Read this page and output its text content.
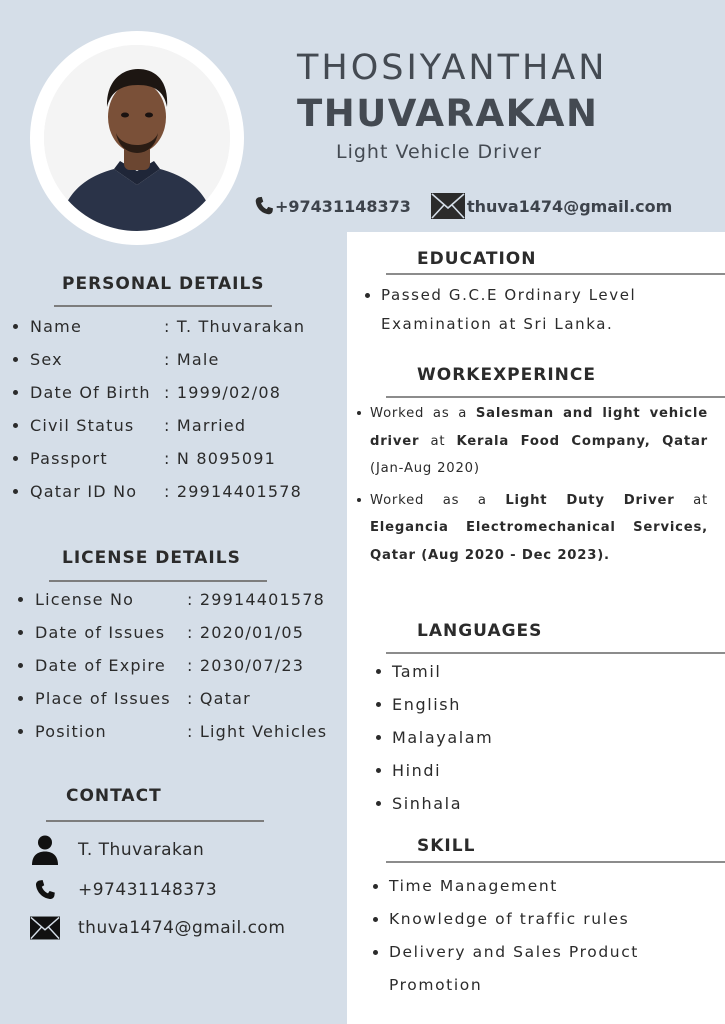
THOSIYANTHAN
THUVARAKAN
Light Vehicle Driver
+97431148373	thuva1474@gmail.com
PERSONAL DETAILS
Name	: T. Thuvarakan
Sex	: Male
Date Of Birth : 1999/02/08
Civil Status : Married
Passport	: N 8095091
Qatar ID No : 29914401578
LICENSE DETAILS
License No	: 29914401578
Date of Issues : 2020/01/05
Date of Expire : 2030/07/23
Place of Issues : Qatar
Position	: Light Vehicles
CONTACT
T. Thuvarakan
+97431148373
thuva1474@gmail.com
EDUCATION
Passed G.C.E Ordinary Level Examination at Sri Lanka.
WORKEXPERINCE
Worked as a Salesman and light vehicle driver at Kerala Food Company, Qatar (Jan-Aug 2020)
Worked as a Light Duty Driver at Elegancia Electromechanical Services, Qatar (Aug 2020 - Dec 2023).
LANGUAGES
Tamil
English
Malayalam
Hindi
Sinhala
SKILL
Time Management
Knowledge of traffic rules
Delivery and Sales Product Promotion
